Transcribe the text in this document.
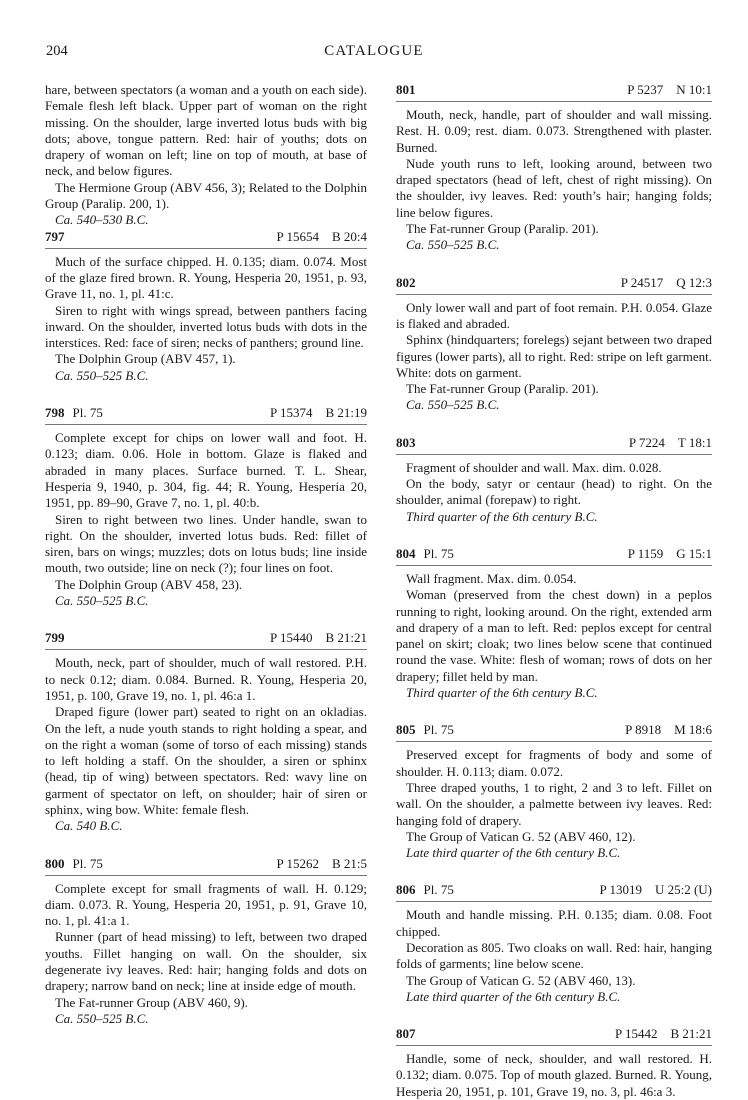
204	CATALOGUE

hare, between spectators (a woman and a youth on each side). Female flesh left black. Upper part of woman on the right missing. On the shoulder, large inverted lotus buds with big dots; above, tongue pattern. Red: hair of youths; dots on drapery of woman on left; line on top of mouth, at base of neck, and below figures.

The Hermione Group (ABV 456, 3); Related to the Dolphin Group (Paralip. 200, 1).

Ca. 540–530 B.C.

797	P 15654  B 20:4

Much of the surface chipped. H. 0.135; diam. 0.074. Most of the glaze fired brown. R. Young, Hesperia 20, 1951, p. 93, Grave 11, no. 1, pl. 41:c.

Siren to right with wings spread, between panthers facing inward. On the shoulder, inverted lotus buds with dots in the interstices. Red: face of siren; necks of panthers; ground line.

The Dolphin Group (ABV 457, 1).

Ca. 550–525 B.C.

798 Pl. 75	P 15374  B 21:19

Complete except for chips on lower wall and foot. H. 0.123; diam. 0.06. Hole in bottom. Glaze is flaked and abraded in many places. Surface burned. T. L. Shear, Hesperia 9, 1940, p. 304, fig. 44; R. Young, Hesperia 20, 1951, pp. 89–90, Grave 7, no. 1, pl. 40:b.

Siren to right between two lines. Under handle, swan to right. On the shoulder, inverted lotus buds. Red: fillet of siren, bars on wings; muzzles; dots on lotus buds; line inside mouth, two outside; line on neck (?); four lines on foot.

The Dolphin Group (ABV 458, 23).

Ca. 550–525 B.C.

799	P 15440  B 21:21

Mouth, neck, part of shoulder, much of wall restored. P.H. to neck 0.12; diam. 0.084. Burned. R. Young, Hesperia 20, 1951, p. 100, Grave 19, no. 1, pl. 46:a 1.

Draped figure (lower part) seated to right on an okladias. On the left, a nude youth stands to right holding a spear, and on the right a woman (some of torso of each missing) stands to left holding a staff. On the shoulder, a siren or sphinx (head, tip of wing) between spectators. Red: wavy line on garment of spectator on left, on shoulder; hair of siren or sphinx, wing bow. White: female flesh.

Ca. 540 B.C.

800 Pl. 75	P 15262  B 21:5

Complete except for small fragments of wall. H. 0.129; diam. 0.073. R. Young, Hesperia 20, 1951, p. 91, Grave 10, no. 1, pl. 41:a 1.

Runner (part of head missing) to left, between two draped youths. Fillet hanging on wall. On the shoulder, six degenerate ivy leaves. Red: hair; hanging folds and dots on drapery; narrow band on neck; line at inside edge of mouth.

The Fat-runner Group (ABV 460, 9).

Ca. 550–525 B.C.

801	P 5237  N 10:1

Mouth, neck, handle, part of shoulder and wall missing. Rest. H. 0.09; rest. diam. 0.073. Strengthened with plaster. Burned.

Nude youth runs to left, looking around, between two draped spectators (head of left, chest of right missing). On the shoulder, ivy leaves. Red: youth’s hair; hanging folds; line below figures.

The Fat-runner Group (Paralip. 201).

Ca. 550–525 B.C.

802	P 24517  Q 12:3

Only lower wall and part of foot remain. P.H. 0.054. Glaze is flaked and abraded.

Sphinx (hindquarters; forelegs) sejant between two draped figures (lower parts), all to right. Red: stripe on left garment. White: dots on garment.

The Fat-runner Group (Paralip. 201).

Ca. 550–525 B.C.

803	P 7224  T 18:1

Fragment of shoulder and wall. Max. dim. 0.028.

On the body, satyr or centaur (head) to right. On the shoulder, animal (forepaw) to right.

Third quarter of the 6th century B.C.

804 Pl. 75	P 1159  G 15:1

Wall fragment. Max. dim. 0.054.

Woman (preserved from the chest down) in a peplos running to right, looking around. On the right, extended arm and drapery of a man to left. Red: peplos except for central panel on skirt; cloak; two lines below scene that continued round the vase. White: flesh of woman; rows of dots on her drapery; fillet held by man.

Third quarter of the 6th century B.C.

805 Pl. 75	P 8918  M 18:6

Preserved except for fragments of body and some of shoulder. H. 0.113; diam. 0.072.

Three draped youths, 1 to right, 2 and 3 to left. Fillet on wall. On the shoulder, a palmette between ivy leaves. Red: hanging fold of drapery.

The Group of Vatican G. 52 (ABV 460, 12).

Late third quarter of the 6th century B.C.

806 Pl. 75	P 13019  U 25:2 (U)

Mouth and handle missing. P.H. 0.135; diam. 0.08. Foot chipped.

Decoration as 805. Two cloaks on wall. Red: hair, hanging folds of garments; line below scene.

The Group of Vatican G. 52 (ABV 460, 13).

Late third quarter of the 6th century B.C.

807	P 15442  B 21:21

Handle, some of neck, shoulder, and wall restored. H. 0.132; diam. 0.075. Top of mouth glazed. Burned. R. Young, Hesperia 20, 1951, p. 101, Grave 19, no. 3, pl. 46:a 3.
